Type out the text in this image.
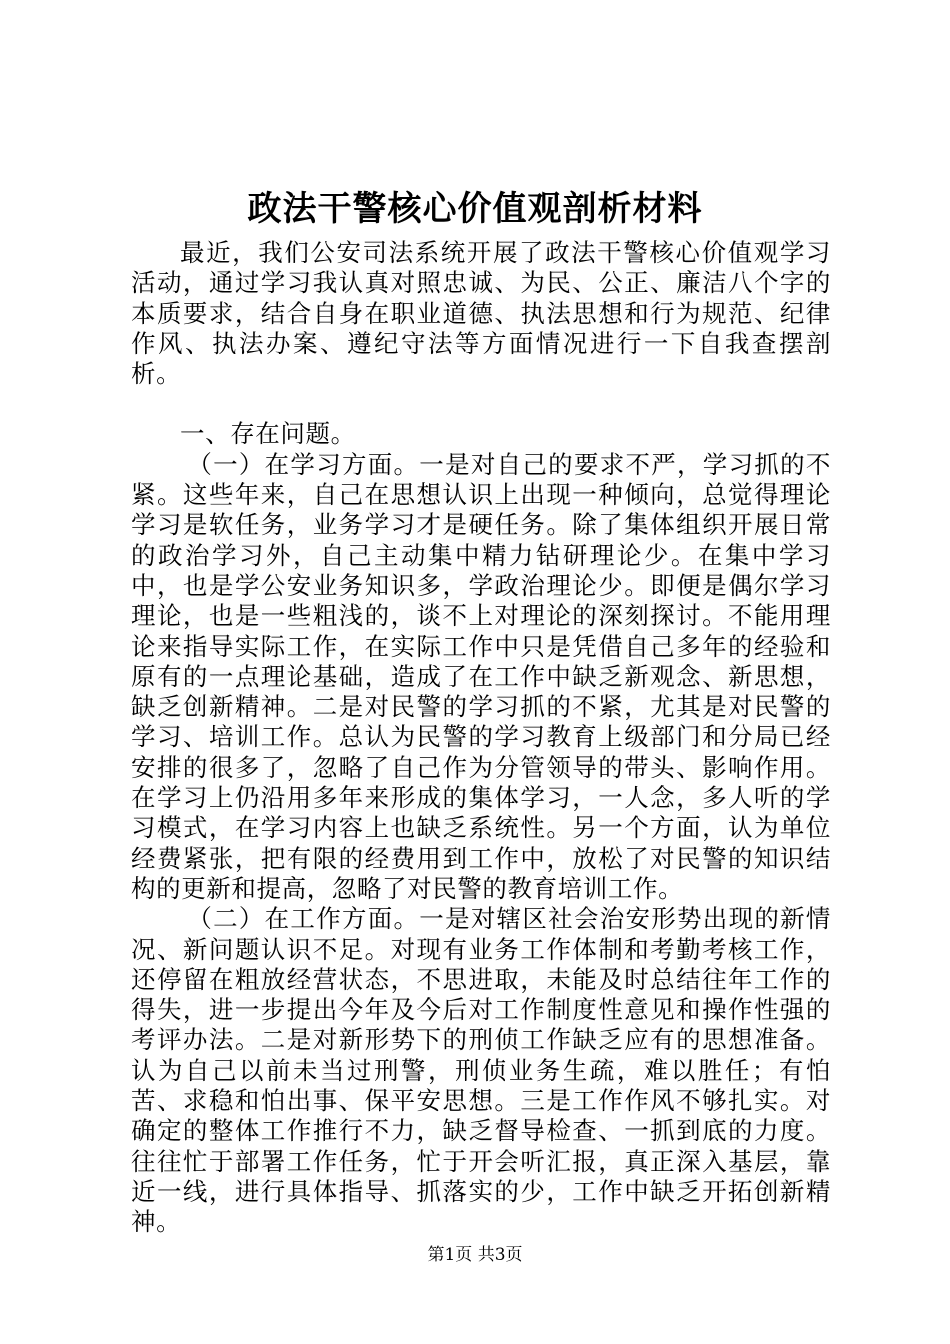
政法干警核心价值观剖析材料

最近，我们公安司法系统开展了政法干警核心价值观学习活动，通过学习我认真对照忠诚、为民、公正、廉洁八个字的本质要求，结合自身在职业道德、执法思想和行为规范、纪律作风、执法办案、遵纪守法等方面情况进行一下自我查摆剖析。

一、存在问题。

（一）在学习方面。一是对自己的要求不严，学习抓的不紧。这些年来，自己在思想认识上出现一种倾向，总觉得理论学习是软任务，业务学习才是硬任务。除了集体组织开展日常的政治学习外，自己主动集中精力钻研理论少。在集中学习中，也是学公安业务知识多，学政治理论少。即便是偶尔学习理论，也是一些粗浅的，谈不上对理论的深刻探讨。不能用理论来指导实际工作，在实际工作中只是凭借自己多年的经验和原有的一点理论基础，造成了在工作中缺乏新观念、新思想，缺乏创新精神。二是对民警的学习抓的不紧，尤其是对民警的学习、培训工作。总认为民警的学习教育上级部门和分局已经安排的很多了，忽略了自己作为分管领导的带头、影响作用。在学习上仍沿用多年来形成的集体学习，一人念，多人听的学习模式，在学习内容上也缺乏系统性。另一个方面，认为单位经费紧张，把有限的经费用到工作中，放松了对民警的知识结构的更新和提高，忽略了对民警的教育培训工作。

（二）在工作方面。一是对辖区社会治安形势出现的新情况、新问题认识不足。对现有业务工作体制和考勤考核工作，还停留在粗放经营状态，不思进取，未能及时总结往年工作的得失，进一步提出今年及今后对工作制度性意见和操作性强的考评办法。二是对新形势下的刑侦工作缺乏应有的思想准备。认为自己以前未当过刑警，刑侦业务生疏，难以胜任；有怕苦、求稳和怕出事、保平安思想。三是工作作风不够扎实。对确定的整体工作推行不力，缺乏督导检查、一抓到底的力度。往往忙于部署工作任务，忙于开会听汇报，真正深入基层，靠近一线，进行具体指导、抓落实的少，工作中缺乏开拓创新精神。

第1页 共3页
